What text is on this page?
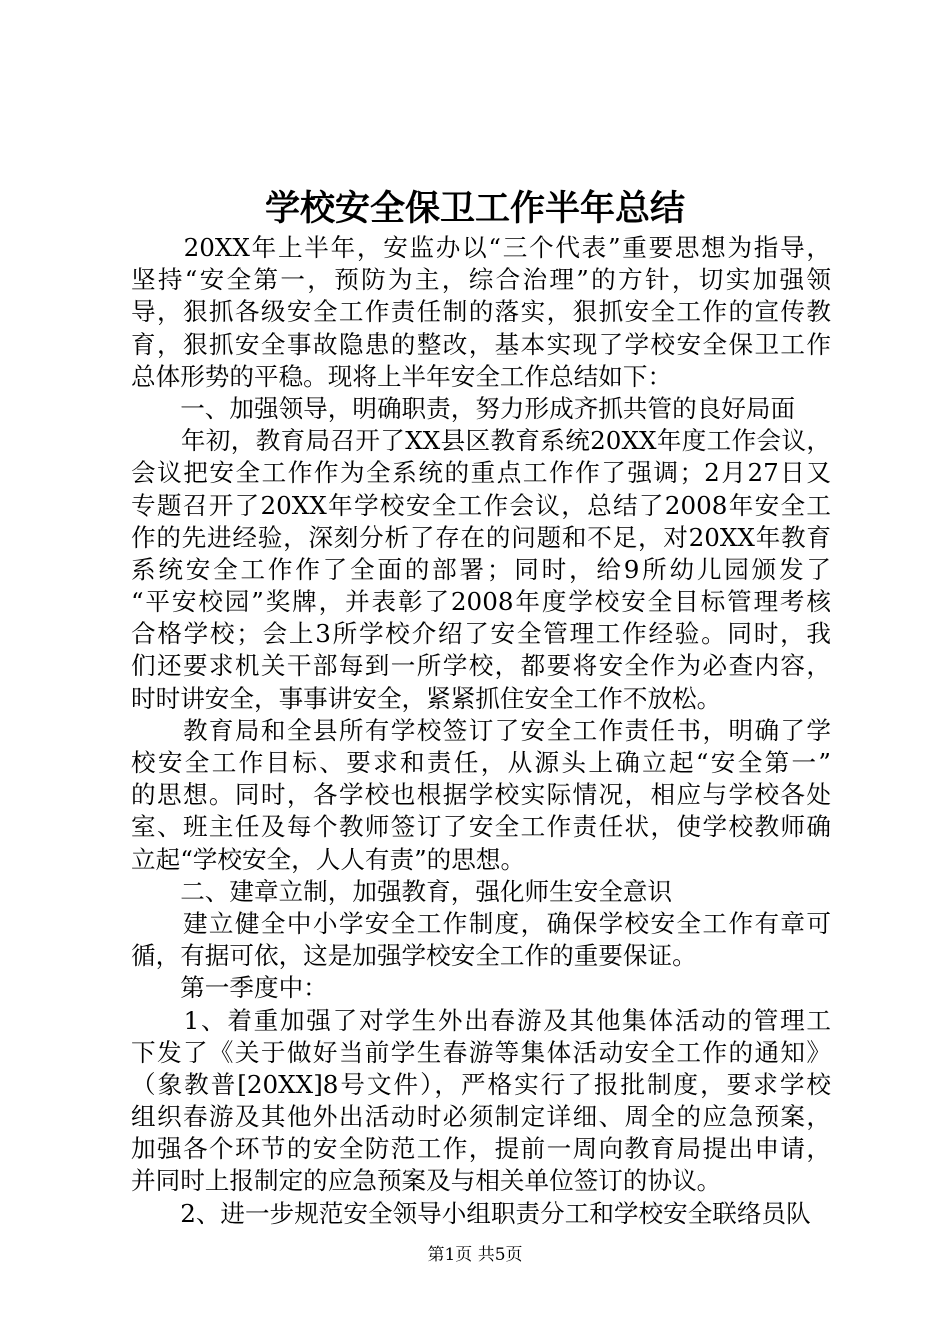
学校安全保卫工作半年总结
　　20XX年上半年，安监办以“三个代表”重要思想为指导，
坚持“安全第一，预防为主，综合治理”的方针，切实加强领
导，狠抓各级安全工作责任制的落实，狠抓安全工作的宣传教
育，狠抓安全事故隐患的整改，基本实现了学校安全保卫工作
总体形势的平稳。现将上半年安全工作总结如下：
　　一、加强领导，明确职责，努力形成齐抓共管的良好局面
　　年初，教育局召开了XX县区教育系统20XX年度工作会议，
会议把安全工作作为全系统的重点工作作了强调；2月27日又
专题召开了20XX年学校安全工作会议，总结了2008年安全工
作的先进经验，深刻分析了存在的问题和不足，对20XX年教育
系统安全工作作了全面的部署；同时，给9所幼儿园颁发了
“平安校园”奖牌，并表彰了2008年度学校安全目标管理考核
合格学校；会上3所学校介绍了安全管理工作经验。同时，我
们还要求机关干部每到一所学校，都要将安全作为必查内容，
时时讲安全，事事讲安全，紧紧抓住安全工作不放松。
　　教育局和全县所有学校签订了安全工作责任书，明确了学
校安全工作目标、要求和责任，从源头上确立起“安全第一”
的思想。同时，各学校也根据学校实际情况，相应与学校各处
室、班主任及每个教师签订了安全工作责任状，使学校教师确
立起“学校安全，人人有责”的思想。
　　二、建章立制，加强教育，强化师生安全意识
　　建立健全中小学安全工作制度，确保学校安全工作有章可
循，有据可依，这是加强学校安全工作的重要保证。
　　第一季度中：
　　1、着重加强了对学生外出春游及其他集体活动的管理工
下发了《关于做好当前学生春游等集体活动安全工作的通知》
（象教普[20XX]8号文件），严格实行了报批制度，要求学校
组织春游及其他外出活动时必须制定详细、周全的应急预案，
加强各个环节的安全防范工作，提前一周向教育局提出申请，
并同时上报制定的应急预案及与相关单位签订的协议。
　　2、进一步规范安全领导小组职责分工和学校安全联络员队
第1页 共5页
